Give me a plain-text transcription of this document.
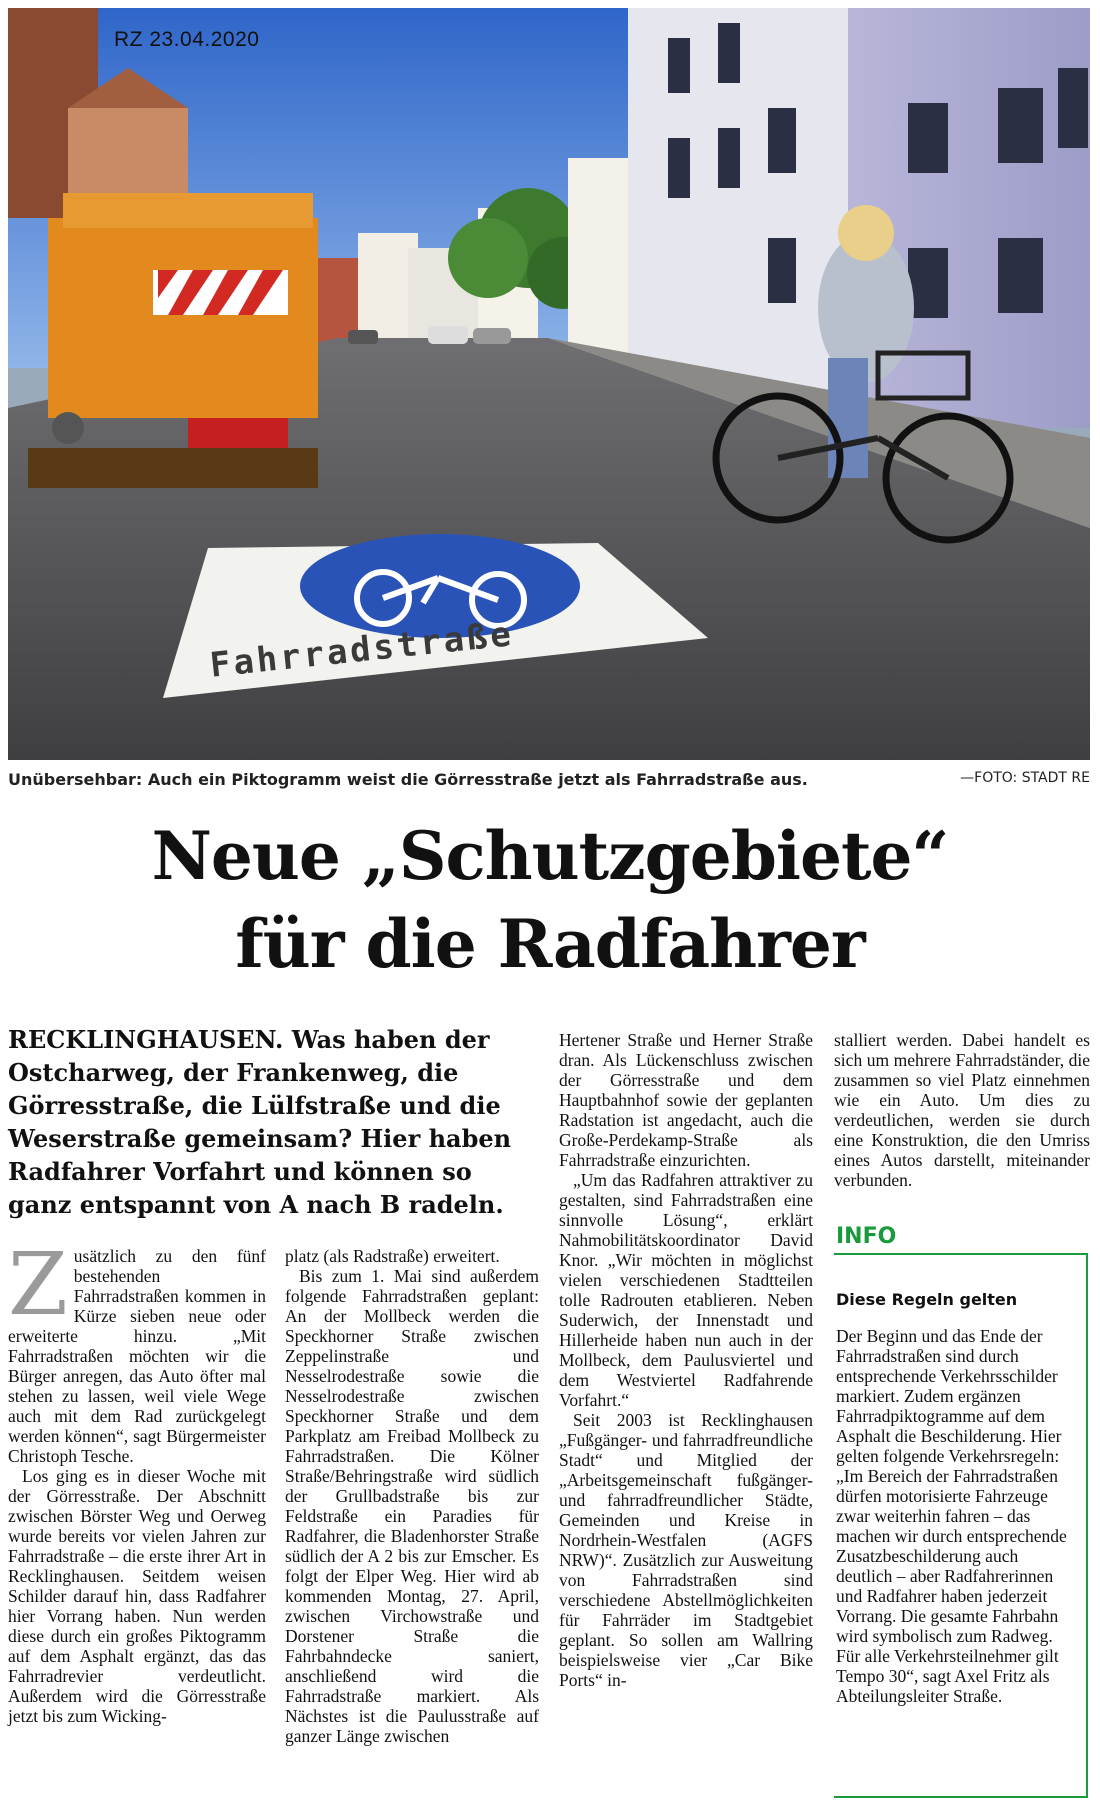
RZ 23.04.2020
Fahrradstraße
Unübersehbar: Auch ein Piktogramm weist die Görresstraße jetzt als Fahrradstraße aus.	—FOTO: STADT RE
Neue „Schutzgebiete“
für die Radfahrer
RECKLINGHAUSEN. Was haben der Ostcharweg, der Frankenweg, die Görresstraße, die Lülfstraße und die Weserstraße gemeinsam? Hier haben Radfahrer Vorfahrt und können so ganz entspannt von A nach B radeln.

Zusätzlich zu den fünf bestehenden Fahrradstraßen kommen in Kürze sieben neue oder erweiterte hinzu. „Mit Fahrradstraßen möchten wir die Bürger anregen, das Auto öfter mal stehen zu lassen, weil viele Wege auch mit dem Rad zurückgelegt werden können“, sagt Bürgermeister Christoph Tesche.

Los ging es in dieser Woche mit der Görresstraße. Der Abschnitt zwischen Börster Weg und Oerweg wurde bereits vor vielen Jahren zur Fahrradstraße – die erste ihrer Art in Recklinghausen. Seitdem weisen Schilder darauf hin, dass Radfahrer hier Vorrang haben. Nun werden diese durch ein großes Piktogramm auf dem Asphalt ergänzt, das das Fahrradrevier verdeutlicht. Außerdem wird die Görresstraße jetzt bis zum Wicking-

platz (als Radstraße) erweitert.

Bis zum 1. Mai sind außerdem folgende Fahrradstraßen geplant: An der Mollbeck werden die Speckhorner Straße zwischen Zeppelinstraße und Nesselrodestraße sowie die Nesselrodestraße zwischen Speckhorner Straße und dem Parkplatz am Freibad Mollbeck zu Fahrradstraßen. Die Kölner Straße/Behringstraße wird südlich der Grullbadstraße bis zur Feldstraße ein Paradies für Radfahrer, die Bladenhorster Straße südlich der A 2 bis zur Emscher. Es folgt der Elper Weg. Hier wird ab kommenden Montag, 27. April, zwischen Virchowstraße und Dorstener Straße die Fahrbahndecke saniert, anschließend wird die Fahrradstraße markiert. Als Nächstes ist die Paulusstraße auf ganzer Länge zwischen

Hertener Straße und Herner Straße dran. Als Lückenschluss zwischen der Görresstraße und dem Hauptbahnhof sowie der geplanten Radstation ist angedacht, auch die Große-Perdekamp-Straße als Fahrradstraße einzurichten.

„Um das Radfahren attraktiver zu gestalten, sind Fahrradstraßen eine sinnvolle Lösung“, erklärt Nahmobilitätskoordinator David Knor. „Wir möchten in möglichst vielen verschiedenen Stadtteilen tolle Radrouten etablieren. Neben Suderwich, der Innenstadt und Hillerheide haben nun auch in der Mollbeck, dem Paulusviertel und dem Westviertel Radfahrende Vorfahrt.“

Seit 2003 ist Recklinghausen „Fußgänger- und fahrradfreundliche Stadt“ und Mitglied der „Arbeitsgemeinschaft fußgänger- und fahrradfreundlicher Städte, Gemeinden und Kreise in Nordrhein-Westfalen (AGFS NRW)“. Zusätzlich zur Ausweitung von Fahrradstraßen sind verschiedene Abstellmöglichkeiten für Fahrräder im Stadtgebiet geplant. So sollen am Wallring beispielsweise vier „Car Bike Ports“ in-

stalliert werden. Dabei handelt es sich um mehrere Fahrradständer, die zusammen so viel Platz einnehmen wie ein Auto. Um dies zu verdeutlichen, werden sie durch eine Konstruktion, die den Umriss eines Autos darstellt, miteinander verbunden.

INFO
Diese Regeln gelten
Der Beginn und das Ende der Fahrradstraßen sind durch entsprechende Verkehrsschilder markiert. Zudem ergänzen Fahrradpiktogramme auf dem Asphalt die Beschilderung. Hier gelten folgende Verkehrsregeln: „Im Bereich der Fahrradstraßen dürfen motorisierte Fahrzeuge zwar weiterhin fahren – das machen wir durch entsprechende Zusatzbeschilderung auch deutlich – aber Radfahrerinnen und Radfahrer haben jederzeit Vorrang. Die gesamte Fahrbahn wird symbolisch zum Radweg. Für alle Verkehrsteilnehmer gilt Tempo 30“, sagt Axel Fritz als Abteilungsleiter Straße.
